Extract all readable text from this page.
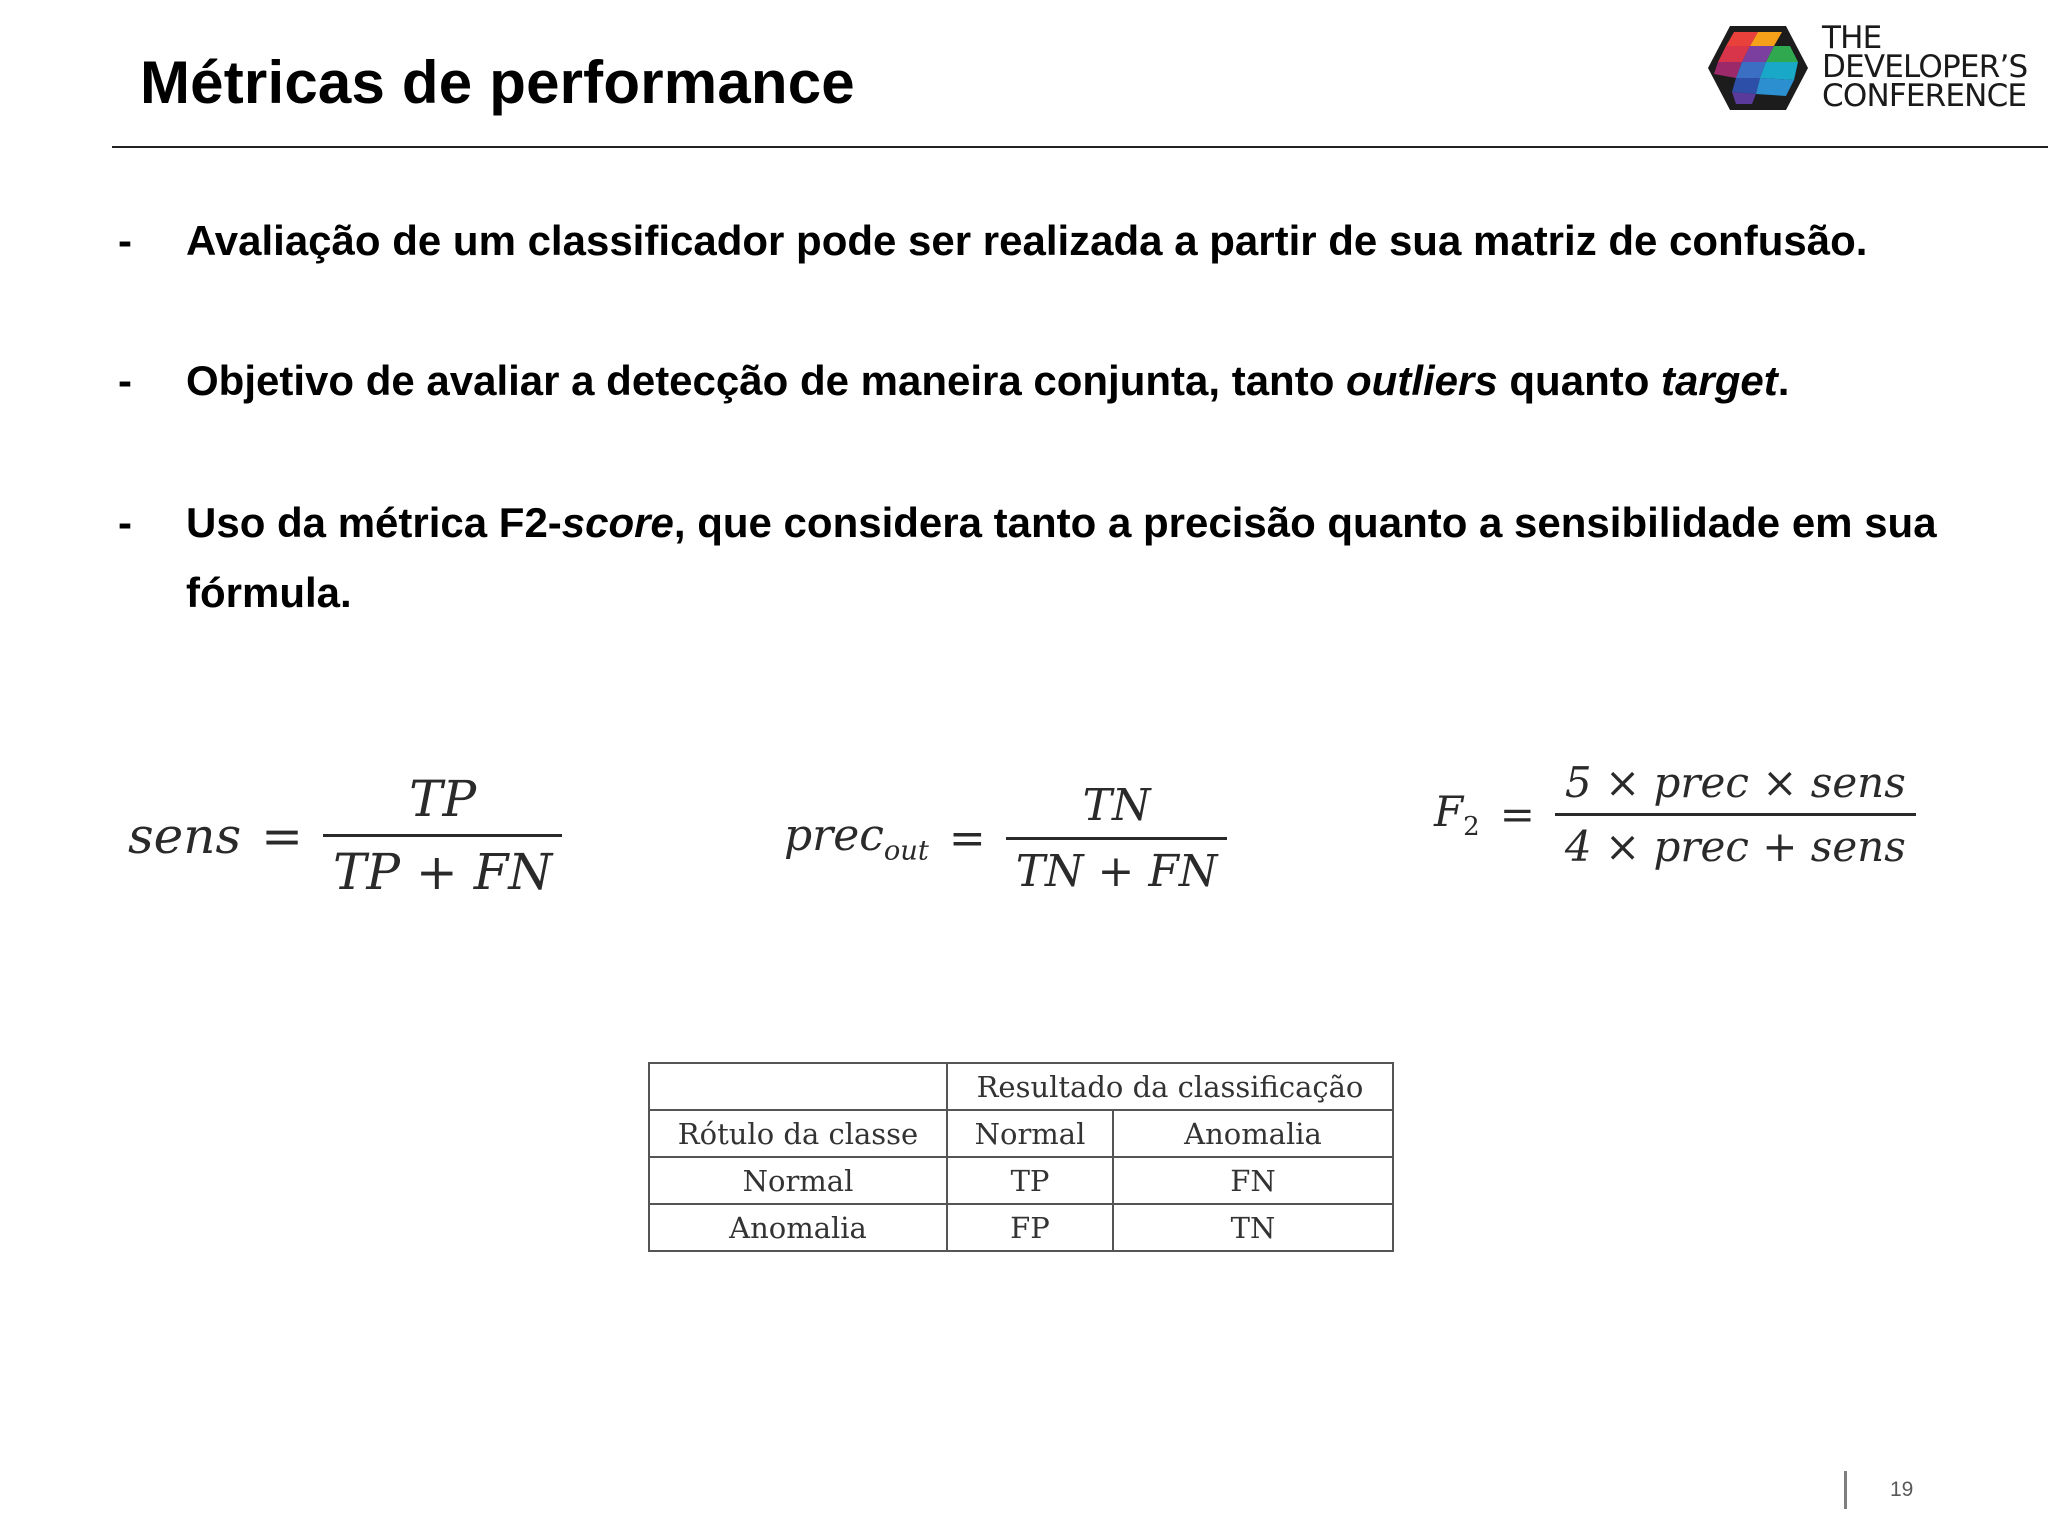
Métricas de performance
THE
DEVELOPER’S
CONFERENCE
- Avaliação de um classificador pode ser realizada a partir de sua matriz de confusão.
- Objetivo de avaliar a detecção de maneira conjunta, tanto outliers quanto target.
- Uso da métrica F2-score, que considera tanto a precisão quanto a sensibilidade em sua fórmula.
sens = $\frac{TP}{TP + FN}$	prec$_{out}$ = $\frac{TN}{TN + FN}$	$F_2 = \frac{\text{5 × prec × sens}}{\text{4 × prec + sens}}$
	Resultado da classificação	
Rótulo da classe	Normal	Anomalia
Normal	TP	FN
Anomalia	FP	TN
19
